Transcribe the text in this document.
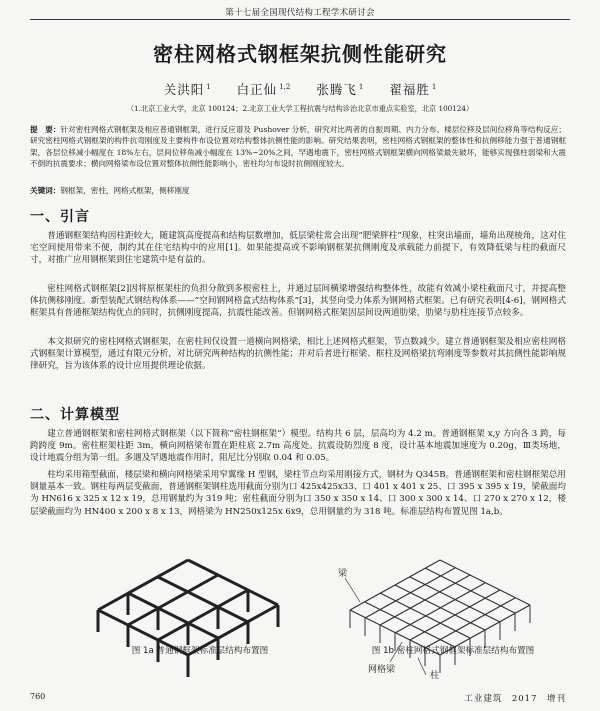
第十七届全国现代结构工程学术研讨会
密柱网格式钢框架抗侧性能研究
关洪阳 $^1$ 白正仙 $^{1,2}$ 张腾飞 $^1$ 翟福胜 $^1$
（1.北京工业大学，北京 100124；2.北京工业大学工程抗震与结构诊治北京市重点实验室，北京 100124）
提　要：针对密柱网格式钢框架及相应普通钢框架，进行反应谱及 Pushover 分析，研究对比两者的自振周期、内力分布、楼层位移及层间位移角等结构反应；研究密柱网格式钢框架的构件抗弯刚度及主要构件布设位置对结构整体抗侧性能的影响。研究结果表明，密柱网格式钢框架的整体性和抗侧移能力强于普通钢框架，各层位移减小幅度在 18%左右，层间位移角减小幅度在 13%~20%之间，罕遇地震下，密柱网格式钢框架横向网格梁最先破坏，能够实现强柱弱梁和大震不倒的抗震要求；横向网格梁布设位置对整体抗侧性能影响小，密柱均匀布设时抗侧刚度较大。
关键词：钢框架，密柱，网格式框架，侧移刚度
一、引言
普通钢框架结构因柱距较大，随建筑高度提高和结构层数增加，低层梁柱常会出现“肥梁胖柱”现象，柱突出墙面，墙角出现棱角，这对住宅空间使用带来不便，制约其在住宅结构中的应用[1]。如果能提高或不影响钢框架抗侧刚度及承载能力前提下，有效降低梁与柱的截面尺寸，对推广应用钢框架到住宅建筑中是有益的。
密柱网格式钢框架[2]因将原框架柱的负担分散到多根密柱上，并通过层间横梁增强结构整体性，故能有效减小梁柱截面尺寸，并提高整体抗侧移刚度。新型装配式钢结构体系——“空间钢网格盒式结构体系”[3]，其竖向受力体系为钢网格式框架。已有研究表明[4-6]，钢网格式框架具有普通框架结构优点的同时，抗侧刚度提高，抗震性能改善。但钢网格式框架因层间设两道肋梁，肋梁与肋柱连接节点较多。
本文拟研究的密柱网格式钢框架，在密柱间仅设置一道横向网格梁，相比上述网格式框架，节点数减少。建立普通钢框架及相应密柱网格式钢框架计算模型，通过有限元分析，对比研究两种结构的抗侧性能；并对后者进行框梁、框柱及网格梁抗弯刚度等参数对其抗侧性能影响规律研究，旨为该体系的设计应用提供理论依据。
二、计算模型
建立普通钢框架和密柱网格式钢框架（以下简称“密柱钢框架”）模型。结构共 6 层，层高均为 4.2 m。普通钢框架 x,y 方向各 3 跨，每跨跨度 9m。密柱框架柱距 3m，横向网格梁布置在距柱底 2.7m 高度处。抗震设防烈度 8 度，设计基本地震加速度为 0.20g，Ⅲ类场地，设计地震分组为第一组。多遇及罕遇地震作用时，阻尼比分别取 0.04 和 0.05。
柱均采用箱型截面，楼层梁和横向网格梁采用窄翼缘 H 型钢，梁柱节点均采用刚接方式，钢材为 Q345B。普通钢框架和密柱钢框架总用钢量基本一致。钢柱每两层变截面，普通钢框架钢柱选用截面分别为口 425x425x33、口 401 x 401 x 25、口 395 x 395 x 19，梁截面均为 HN616 x 325 x 12 x 19，总用钢量约为 319 吨；密柱截面分别为口 350 x 350 x 14、口 300 x 300 x 14、口 270 x 270 x 12，楼层梁截面均为 HN400 x 200 x 8 x 13，网格梁为 HN250x125x 6x9，总用钢量约为 318 吨。标准层结构布置见图 1a,b。
梁
网格梁
柱
图 1a 普通钢框架标准层结构布置图	图 1b 密柱网格式钢框架标准层结构布置图
760	工业建筑　2017　增刊
